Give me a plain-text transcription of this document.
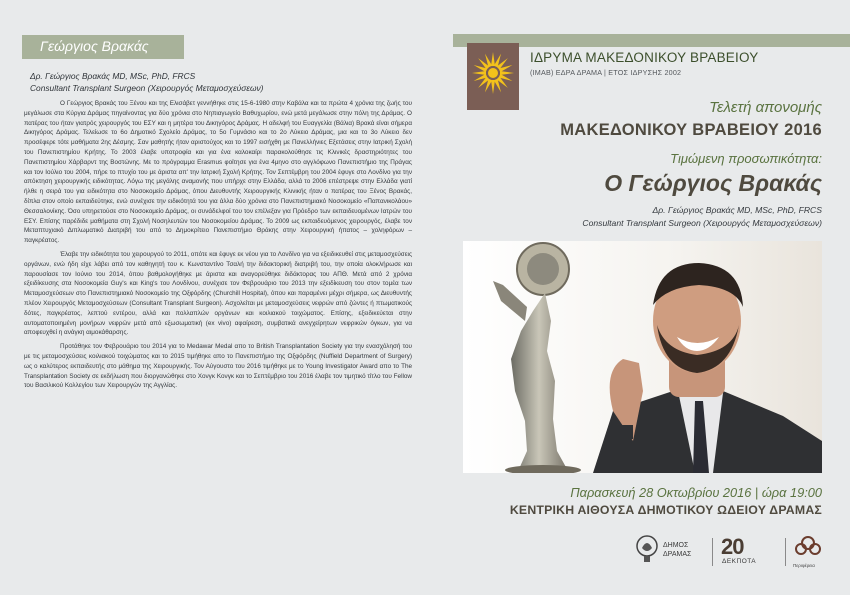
Γεώργιος Βρακάς
Δρ. Γεώργιος Βρακάς MD, MSc, PhD, FRCS
Consultant Transplant Surgeon (Χειρουργός Μεταμοσχεύσεων)

Ο Γεώργιος Βρακάς του Ξένου και της Ελισάβετ γεννήθηκε στις 15-6-1980 στην Καβάλα και τα πρώτα 4 χρόνια της ζωής του μεγάλωσε στα Κύργια Δράμας πηγαίνοντας για δύο χρόνια στο Νηπιαγωγείο Βαθυχωρίου, ενώ μετά μεγάλωσε στην πόλη της Δράμας. Ο πατέρας του ήταν γιατρός χειρουργός του ΕΣΥ και η μητέρα του Δικηγόρος Δράμας. Η αδελφή του Ευαγγελία (Βάλια) Βρακά είναι σήμερα Δικηγόρος Δράμας. Τελείωσε το 6ο Δημοτικό Σχολείο Δράμας, το 5ο Γυμνάσιο και το 2ο Λύκειο Δράμας, μια και το 3ο Λύκειο δεν προσέφερε τότε μαθήματα 2ης Δέσμης. Σαν μαθητής ήταν αριστούχος και το 1997 εισήχθη με Πανελλήνιες Εξετάσεις στην Ιατρική Σχολή του Πανεπιστημίου Κρήτης. Το 2003 έλαβε υποτροφία και για ένα καλοκαίρι παρακολούθησε τις Κλινικές δραστηριότητες του Πανεπιστημίου Χάρβαρντ της Βοστώνης. Με το πρόγραμμα Erasmus φοίτησε για ένα 4μηνο στο αγγλόφωνο Πανεπιστήμιο της Πράγας και τον Ιούλιο του 2004, πήρε το πτυχίο του με άριστα απ' την Ιατρική Σχολή Κρήτης. Τον Σεπτέμβρη του 2004 έφυγε στο Λονδίνο για την απόκτηση χειρουργικής ειδικότητας. Λόγω της μεγάλης αναμονής που υπήρχε στην Ελλάδα, αλλά το 2006 επέστρεψε στην Ελλάδα γιατί ήλθε η σειρά του για ειδικότητα στο Νοσοκομείο Δράμας, όπου Διευθυντής Χειρουργικής Κλινικής ήταν ο πατέρας του Ξένος Βρακάς, δίπλα στον οποίο εκπαιδεύτηκε, ενώ συνέχισε την ειδικότητά του για άλλα δύο χρόνια στο Πανεπιστημιακό Νοσοκομείο «Παπανικολάου» Θεσσαλονίκης. Όσο υπηρετούσε στο Νοσοκομείο Δράμας, οι συνάδελφοί του τον επέλεξαν για Πρόεδρο των εκπαιδευομένων Ιατρών του ΕΣΥ. Επίσης παρέδιδε μαθήματα στη Σχολή Νοσηλευτών του Νοσοκομείου Δράμας. Το 2009 ως εκπαιδευόμενος χειρουργός, έλαβε τον Μεταπτυχιακό Διπλωματικό Διατριβή του από το Δημοκρίτειο Πανεπιστήμιο Θράκης στην Χειρουργική ήπατος – χοληφόρων – παγκρέατος.

Έλαβε την ειδικότητα του χειρουργού το 2011, οπότε και έφυγε εκ νέου για το Λονδίνο για να εξειδικευθεί στις μεταμοσχεύσεις οργάνων, ενώ ήδη είχε λάβει από τον καθηγητή του κ. Κωνσταντίνο Τσαλή την διδακτορική διατριβή του, την οποία ολοκλήρωσε και παρουσίασε τον Ιούνιο του 2014, όπου βαθμολογήθηκε με άριστα και αναγορεύθηκε διδάκτορας του ΑΠΘ. Μετά από 2 χρόνια εξειδίκευσης στα Νοσοκομεία Guy's και King's του Λονδίνου, συνέχισε τον Φεβρουάριο του 2013 την εξειδίκευση του στον τομέα των Μεταμοσχεύσεων στο Πανεπιστημιακό Νοσοκομείο της Οξφόρδης (Churchill Hospital), όπου και παραμένει μέχρι σήμερα, ως Διευθυντής πλέον Χειρουργός Μεταμοσχεύσεων (Consultant Transplant Surgeon). Ασχολείται με μεταμοσχεύσεις νεφρών από ζώντες ή πτωματικούς δότες, παγκρέατος, λεπτού εντέρου, αλλά και πολλαπλών οργάνων και κοιλιακού τοιχώματος. Επίσης, εξειδικεύεται στην αυτοματοποιημένη μονήρων νεφρών μετά από εξωσωματική (ex vivo) αφαίρεση, συμβατικά ανεγχείρητων νεφρικών όγκων, για να αποφευχθεί η ανάγκη αιμοκάθαρσης.

Προτάθηκε τον Φεβρουάριο του 2014 για το Medawar Medal απο το British Transplantation Society για την ενασχόλησή του με τις μεταμοσχεύσεις κοιλιακού τοιχώματος και το 2015 τιμήθηκε απο το Πανεπιστήμιο της Οξφόρδης (Nuffield Department of Surgery) ως ο καλύτερος εκπαιδευτής στο μάθημα της Χειρουργικής. Τον Αύγουστο του 2016 τιμήθηκε με το Young Investigator Award απο το The Transplantation Society σε εκδήλωση που διοργανώθηκε στο Χονγκ Κονγκ και το Σεπτέμβριο του 2016 έλαβε τον τιμητικό τίτλο του Fellow του Βασιλικού Κολλεγίου των Χειρουργών της Αγγλίας.

ΙΔΡΥΜΑ ΜΑΚΕΔΟΝΙΚΟΥ ΒΡΑΒΕΙΟΥ
(ΙΜΑΒ) ΕΔΡΑ ΔΡΑΜΑ | ΕΤΟΣ ΙΔΡΥΣΗΣ 2002
Τελετή απονομής
ΜΑΚΕΔΟΝΙΚΟΥ ΒΡΑΒΕΙΟΥ 2016
Τιμώμενη προσωπικότητα:
Ο Γεώργιος Βρακάς
Δρ. Γεώργιος Βρακάς MD, MSc, PhD, FRCS
Consultant Transplant Surgeon (Χειρουργός Μεταμοσχεύσεων)
Παρασκευή 28 Οκτωβρίου 2016 | ώρα 19:00
ΚΕΝΤΡΙΚΗ ΑΙΘΟΥΣΑ ΔΗΜΟΤΙΚΟΥ ΩΔΕΙΟΥ ΔΡΑΜΑΣ
ΔΗΜΟΣ
ΔΡΑΜΑΣ 20
ΔΕΚΠΟΤΑ
Περιφέρεια
